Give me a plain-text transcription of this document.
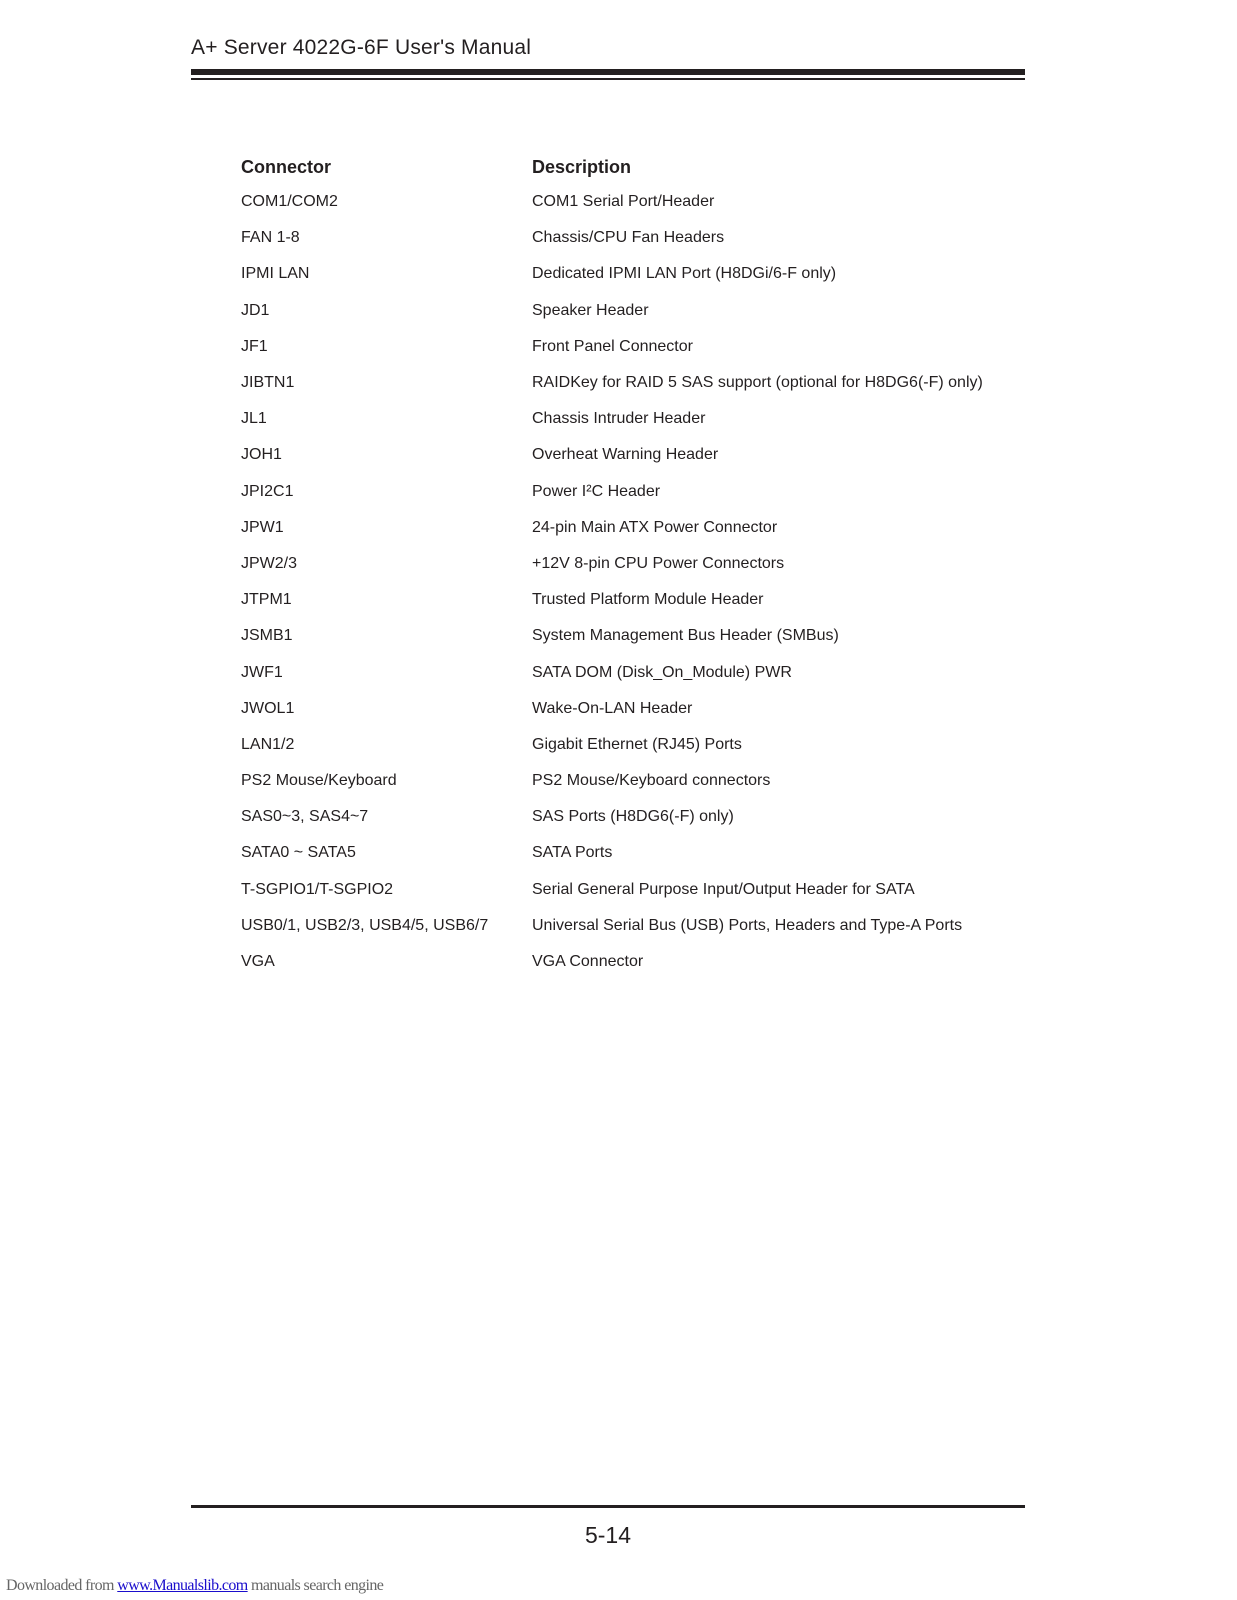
A+ Server 4022G-6F User's Manual
Connector	Description
COM1/COM2	COM1 Serial Port/Header
FAN 1-8	Chassis/CPU Fan Headers
IPMI LAN	Dedicated IPMI LAN Port (H8DGi/6-F only)
JD1	Speaker Header
JF1	Front Panel Connector
JIBTN1	RAIDKey for RAID 5 SAS support (optional for H8DG6(-F) only)
JL1	Chassis Intruder Header
JOH1	Overheat Warning Header
JPI2C1	Power I²C Header
JPW1	24-pin Main ATX Power Connector
JPW2/3	+12V 8-pin CPU Power Connectors
JTPM1	Trusted Platform Module Header
JSMB1	System Management Bus Header (SMBus)
JWF1	SATA DOM (Disk_On_Module) PWR
JWOL1	Wake-On-LAN Header
LAN1/2	Gigabit Ethernet (RJ45) Ports
PS2 Mouse/Keyboard	PS2 Mouse/Keyboard connectors
SAS0~3, SAS4~7	SAS Ports (H8DG6(-F) only)
SATA0 ~ SATA5	SATA Ports
T-SGPIO1/T-SGPIO2	Serial General Purpose Input/Output Header for SATA
USB0/1, USB2/3, USB4/5, USB6/7	Universal Serial Bus (USB) Ports, Headers and Type-A Ports
VGA	VGA Connector
5-14
Downloaded from www.Manualslib.com manuals search engine
